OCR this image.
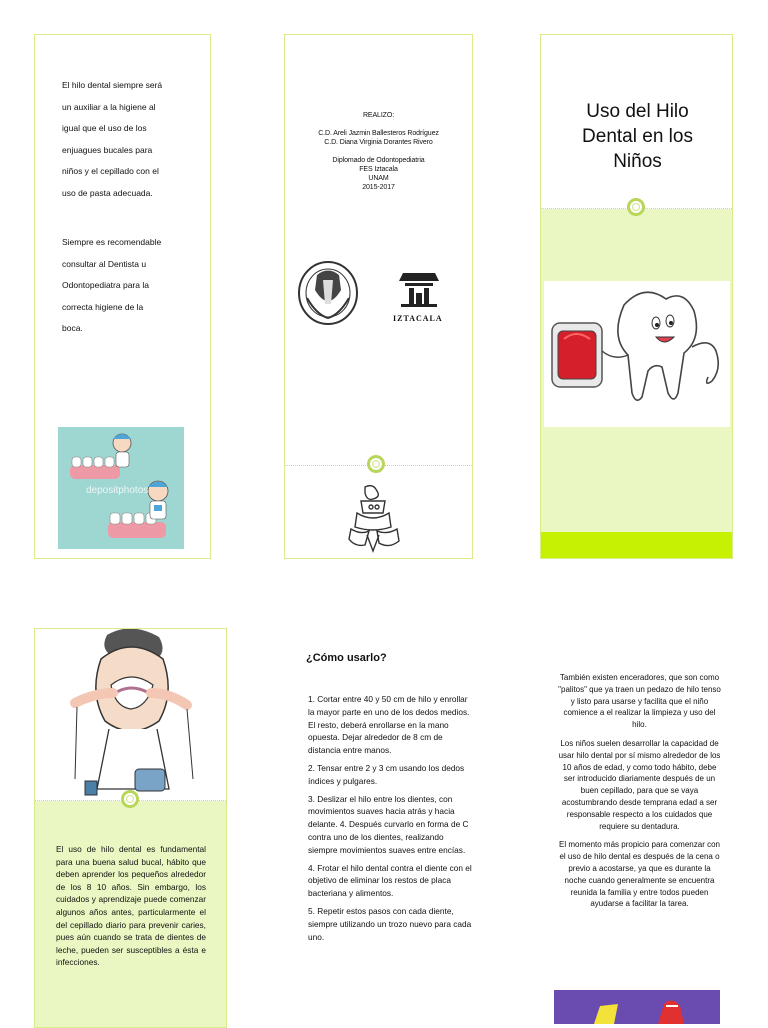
El hilo dental siempre será un auxiliar a la higiene al igual que el uso de los enjuagues bucales para niños y el cepillado con el uso de pasta adecuada.
Siempre es recomendable consultar al Dentista u Odontopediatra para la correcta higiene de la boca.
depositphotos
REALIZO:
C.D. Areli Jazmin Ballesteros Rodríguez
C.D. Diana Virginia Dorantes Rivero
Diplomado de Odontopediatria
FES Iztacala
UNAM
2015-2017
IZTACALA
Uso del Hilo Dental en los Niños
El uso de hilo dental es fundamental para una buena salud bucal, hábito que deben aprender los pequeños alrededor de los 8 10 años. Sin embargo, los cuidados y aprendizaje puede comenzar algunos años antes, particularmente el del cepillado diario para prevenir caries, pues aún cuando se trata de dientes de leche, pueden ser susceptibles a ésta e infecciones.
¿Cómo usarlo?

1. Cortar entre 40 y 50 cm de hilo y enrollar la mayor parte en uno de los dedos medios. El resto, deberá enrollarse en la mano opuesta. Dejar alrededor de 8 cm de distancia entre manos.

2. Tensar entre 2 y 3 cm usando los dedos índices y pulgares.

3. Deslizar el hilo entre los dientes, con movimientos suaves hacia atrás y hacia delante. 4. Después curvarlo en forma de C contra uno de los dientes, realizando siempre movimientos suaves entre encías.

4. Frotar el hilo dental contra el diente con el objetivo de eliminar los restos de placa bacteriana y alimentos.

5. Repetir estos pasos con cada diente, siempre utilizando un trozo nuevo para cada uno.

También existen enceradores, que son como "palitos" que ya traen un pedazo de hilo tenso y listo para usarse y facilita que el niño comience a el realizar la limpieza y uso del hilo.

Los niños suelen desarrollar la capacidad de usar hilo dental por sí mismo alrededor de los 10 años de edad, y como todo hábito, debe ser introducido diariamente después de un buen cepillado, para que se vaya acostumbrando desde temprana edad a ser responsable respecto a los cuidados que requiere su dentadura.

El momento más propicio para comenzar con el uso de hilo dental es después de la cena o previo a acostarse, ya que es durante la noche cuando generalmente se encuentra reunida la familia y entre todos pueden ayudarse a facilitar la tarea.
